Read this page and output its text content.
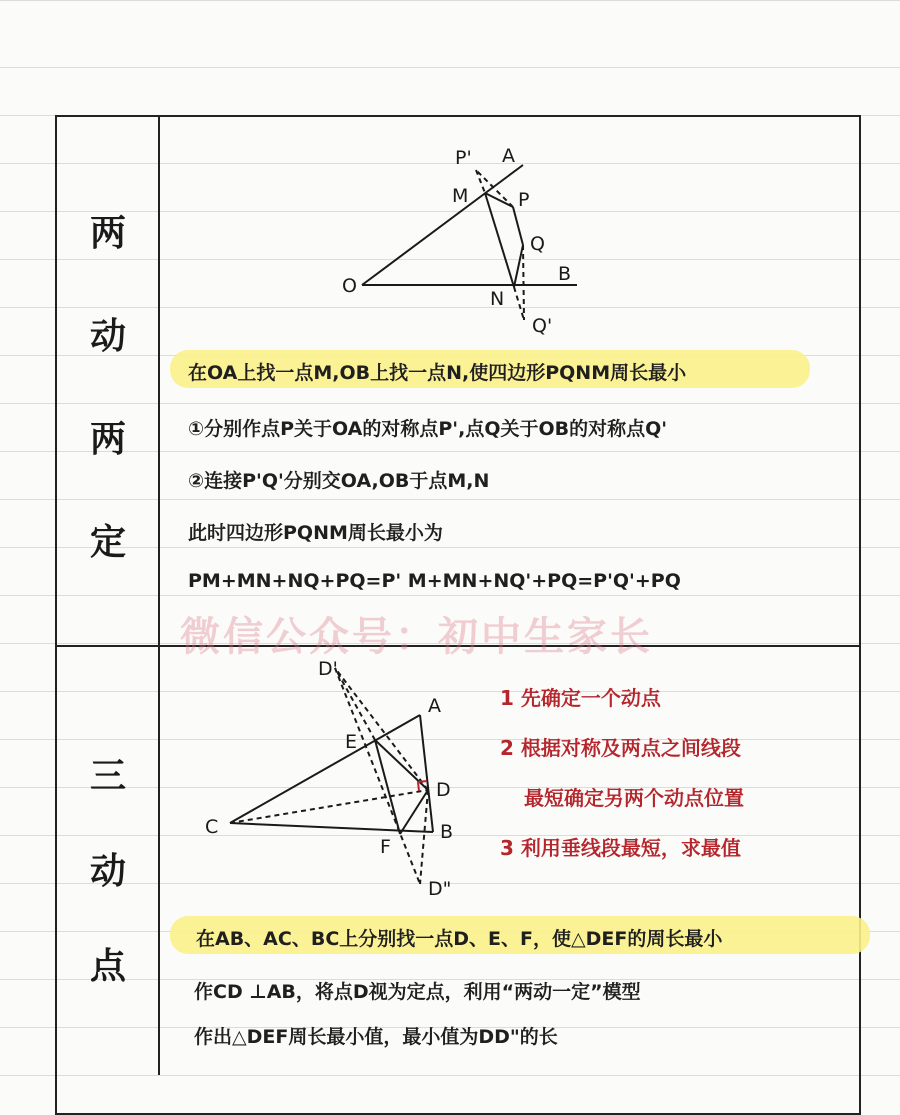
两
动
两
定
O
A
B
M
N
P
Q
P'
Q'
在OA上找一点M,OB上找一点N,使四边形PQNM周长最小
①分别作点P关于OA的对称点P',点Q关于OB的对称点Q'
②连接P'Q'分别交OA,OB于点M,N
此时四边形PQNM周长最小为
PM+MN+NQ+PQ=P' M+MN+NQ'+PQ=P'Q'+PQ
微信公众号：初中生家长
三
动
点
A
B
C
D
E
F
D'
D"
1 先确定一个动点
2 根据对称及两点之间线段
最短确定另两个动点位置
3 利用垂线段最短，求最值
在AB、AC、BC上分别找一点D、E、F，使△DEF的周长最小
作CD ⊥AB，将点D视为定点，利用“两动一定”模型
作出△DEF周长最小值，最小值为DD"的长
